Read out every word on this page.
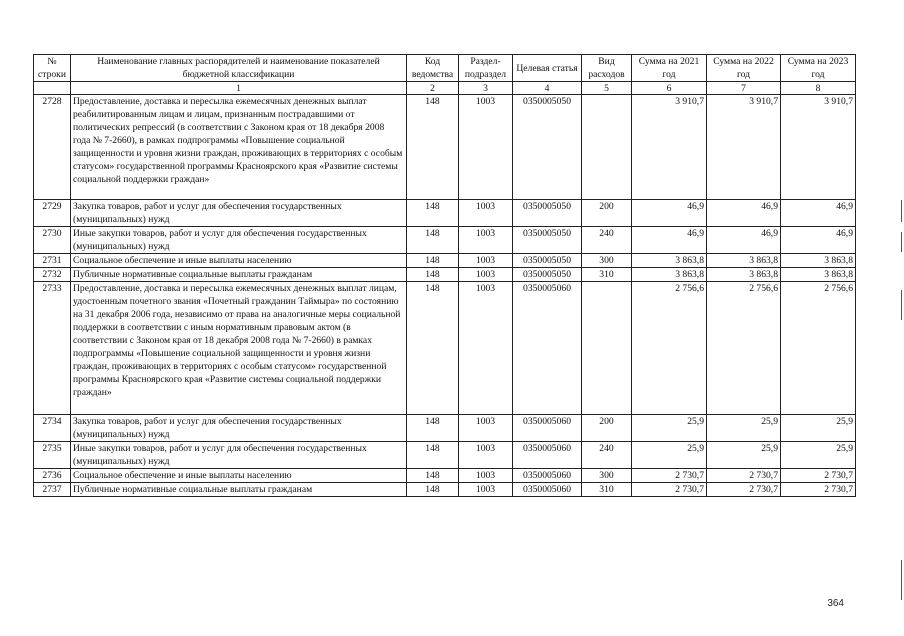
№ строки	Наименование главных распорядителей и наименование показателей бюджетной классификации	Код ведомства	Раздел-подраздел	Целевая статья	Вид расходов	Сумма на 2021 год	Сумма на 2022 год	Сумма на 2023 год
	1	2	3	4	5	6	7	8
2728	Предоставление, доставка и пересылка ежемесячных денежных выплат реабилитированным лицам и лицам, признанным пострадавшими от политических репрессий (в соответствии с Законом края от 18 декабря 2008 года № 7-2660), в рамках подпрограммы «Повышение социальной защищенности и уровня жизни граждан, проживающих в территориях с особым статусом» государственной программы Красноярского края «Развитие системы социальной поддержки граждан»	148	1003	0350005050		3 910,7	3 910,7	3 910,7
2729	Закупка товаров, работ и услуг для обеспечения государственных (муниципальных) нужд	148	1003	0350005050	200	46,9	46,9	46,9
2730	Иные закупки товаров, работ и услуг для обеспечения государственных (муниципальных) нужд	148	1003	0350005050	240	46,9	46,9	46,9
2731	Социальное обеспечение и иные выплаты населению	148	1003	0350005050	300	3 863,8	3 863,8	3 863,8
2732	Публичные нормативные социальные выплаты гражданам	148	1003	0350005050	310	3 863,8	3 863,8	3 863,8
2733	Предоставление, доставка и пересылка ежемесячных денежных выплат лицам, удостоенным почетного звания «Почетный гражданин Таймыра» по состоянию на 31 декабря 2006 года, независимо от права на аналогичные меры социальной поддержки в соответствии с иным нормативным правовым актом (в соответствии с Законом края от 18 декабря 2008 года № 7-2660) в рамках подпрограммы «Повышение социальной защищенности и уровня жизни граждан, проживающих в территориях с особым статусом» государственной программы Красноярского края «Развитие системы социальной поддержки граждан»	148	1003	0350005060		2 756,6	2 756,6	2 756,6
2734	Закупка товаров, работ и услуг для обеспечения государственных (муниципальных) нужд	148	1003	0350005060	200	25,9	25,9	25,9
2735	Иные закупки товаров, работ и услуг для обеспечения государственных (муниципальных) нужд	148	1003	0350005060	240	25,9	25,9	25,9
2736	Социальное обеспечение и иные выплаты населению	148	1003	0350005060	300	2 730,7	2 730,7	2 730,7
2737	Публичные нормативные социальные выплаты гражданам	148	1003	0350005060	310	2 730,7	2 730,7	2 730,7
364
